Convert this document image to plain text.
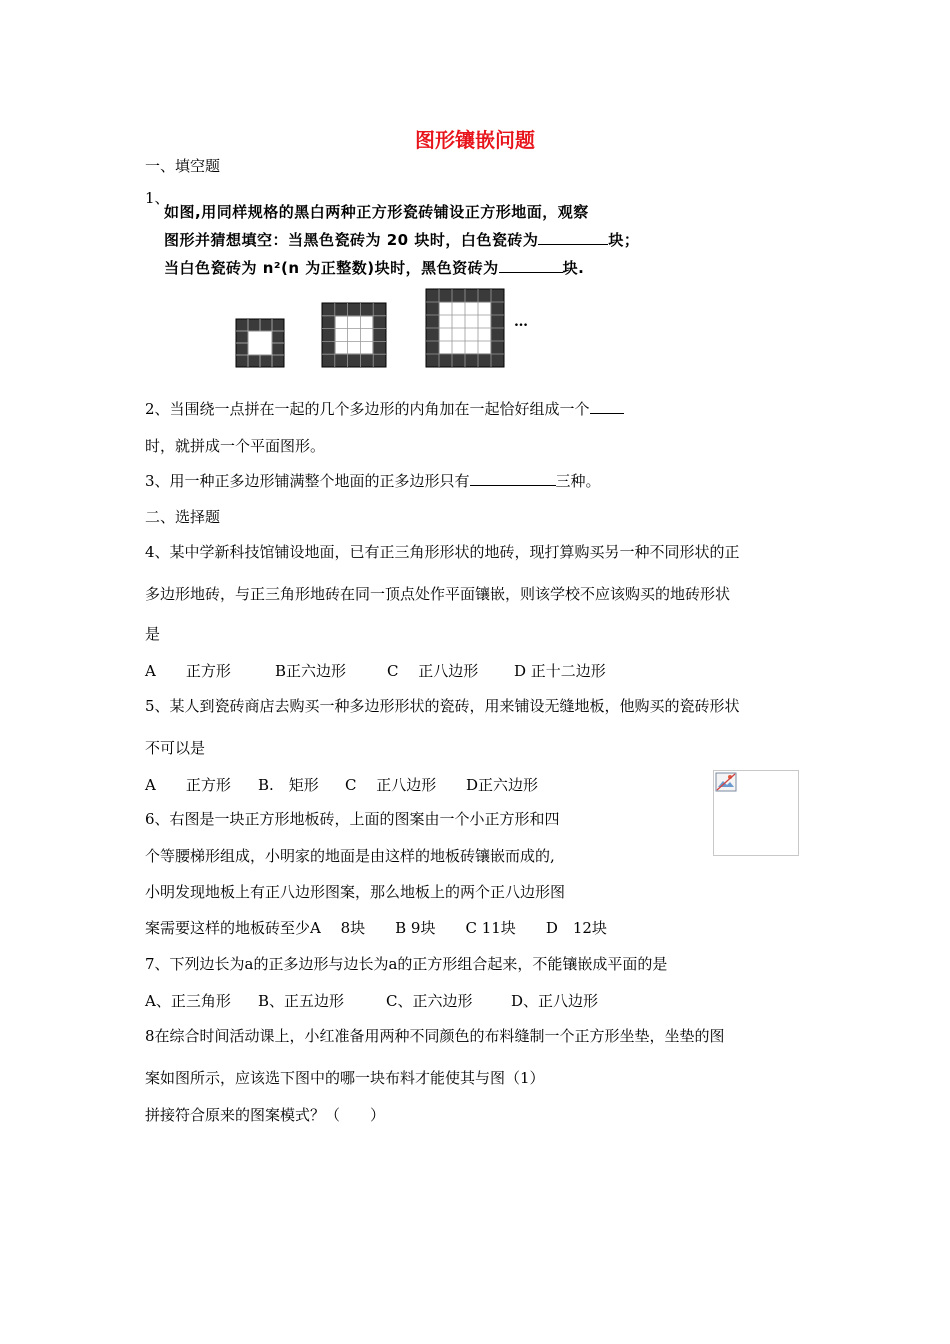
图形镶嵌问题
一、填空题
1、
如图,用同样规格的黑白两种正方形瓷砖铺设正方形地面，观察
图形并猜想填空：当黑色瓷砖为 20 块时，白色瓷砖为	块；
当白色瓷砖为 n²(n 为正整数)块时，黑色资砖为	块.
…
2、当围绕一点拼在一起的几个多边形的内角加在一起恰好组成一个
时，就拼成一个平面图形。
3、用一种正多边形铺满整个地面的正多边形只有	三种。
二、选择题
4、某中学新科技馆铺设地面，已有正三角形形状的地砖，现打算购买另一种不同形状的正
多边形地砖，与正三角形地砖在同一顶点处作平面镶嵌，则该学校不应该购买的地砖形状
是
A　　正方形	B正六边形	C　 正八边形 D 正十二边形
5、某人到瓷砖商店去购买一种多边形形状的瓷砖，用来铺设无缝地板，他购买的瓷砖形状
不可以是
A　　正方形 B.　矩形 C　 正八边形 D正六边形
6、右图是一块正方形地板砖，上面的图案由一个小正方形和四
个等腰梯形组成，小明家的地面是由这样的地板砖镶嵌而成的,
小明发现地板上有正八边形图案，那么地板上的两个正八边形图
案需要这样的地板砖至少A　 8块　　B 9块　　C 11块　　D　12块
7、下列边长为a的正多边形与边长为a的正方形组合起来，不能镶嵌成平面的是
A、正三角形 B、正五边形	C、正六边形	D、正八边形
8在综合时间活动课上，小红准备用两种不同颜色的布料缝制一个正方形坐垫，坐垫的图
案如图所示，应该选下图中的哪一块布料才能使其与图（1）
拼接符合原来的图案模式？（　　）
